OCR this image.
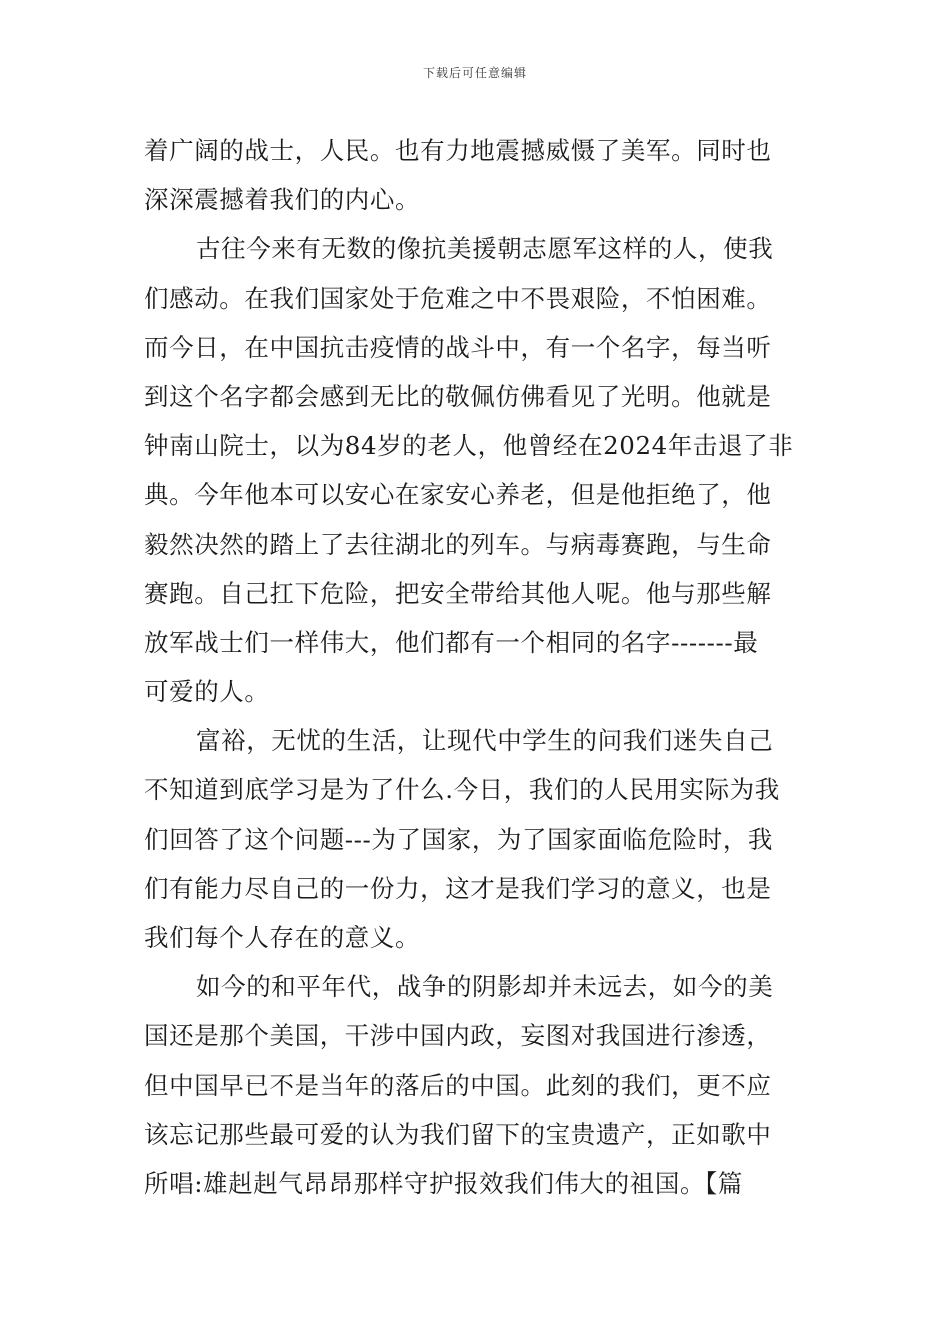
下载后可任意编辑
着广阔的战士，人民。也有力地震撼威慑了美军。同时也
深深震撼着我们的内心。
古往今来有无数的像抗美援朝志愿军这样的人，使我
们感动。在我们国家处于危难之中不畏艰险，不怕困难。
而今日，在中国抗击疫情的战斗中，有一个名字，每当听
到这个名字都会感到无比的敬佩仿佛看见了光明。他就是
钟南山院士，以为84岁的老人，他曾经在2024年击退了非
典。今年他本可以安心在家安心养老，但是他拒绝了，他
毅然决然的踏上了去往湖北的列车。与病毒赛跑，与生命
赛跑。自己扛下危险，把安全带给其他人呢。他与那些解
放军战士们一样伟大，他们都有一个相同的名字-------最
可爱的人。
富裕，无忧的生活，让现代中学生的问我们迷失自己
不知道到底学习是为了什么.今日，我们的人民用实际为我
们回答了这个问题---为了国家，为了国家面临危险时，我
们有能力尽自己的一份力，这才是我们学习的意义，也是
我们每个人存在的意义。
如今的和平年代，战争的阴影却并未远去，如今的美
国还是那个美国，干涉中国内政，妄图对我国进行渗透，
但中国早已不是当年的落后的中国。此刻的我们，更不应
该忘记那些最可爱的认为我们留下的宝贵遗产，正如歌中
所唱:雄赳赳气昂昂那样守护报效我们伟大的祖国。【篇
